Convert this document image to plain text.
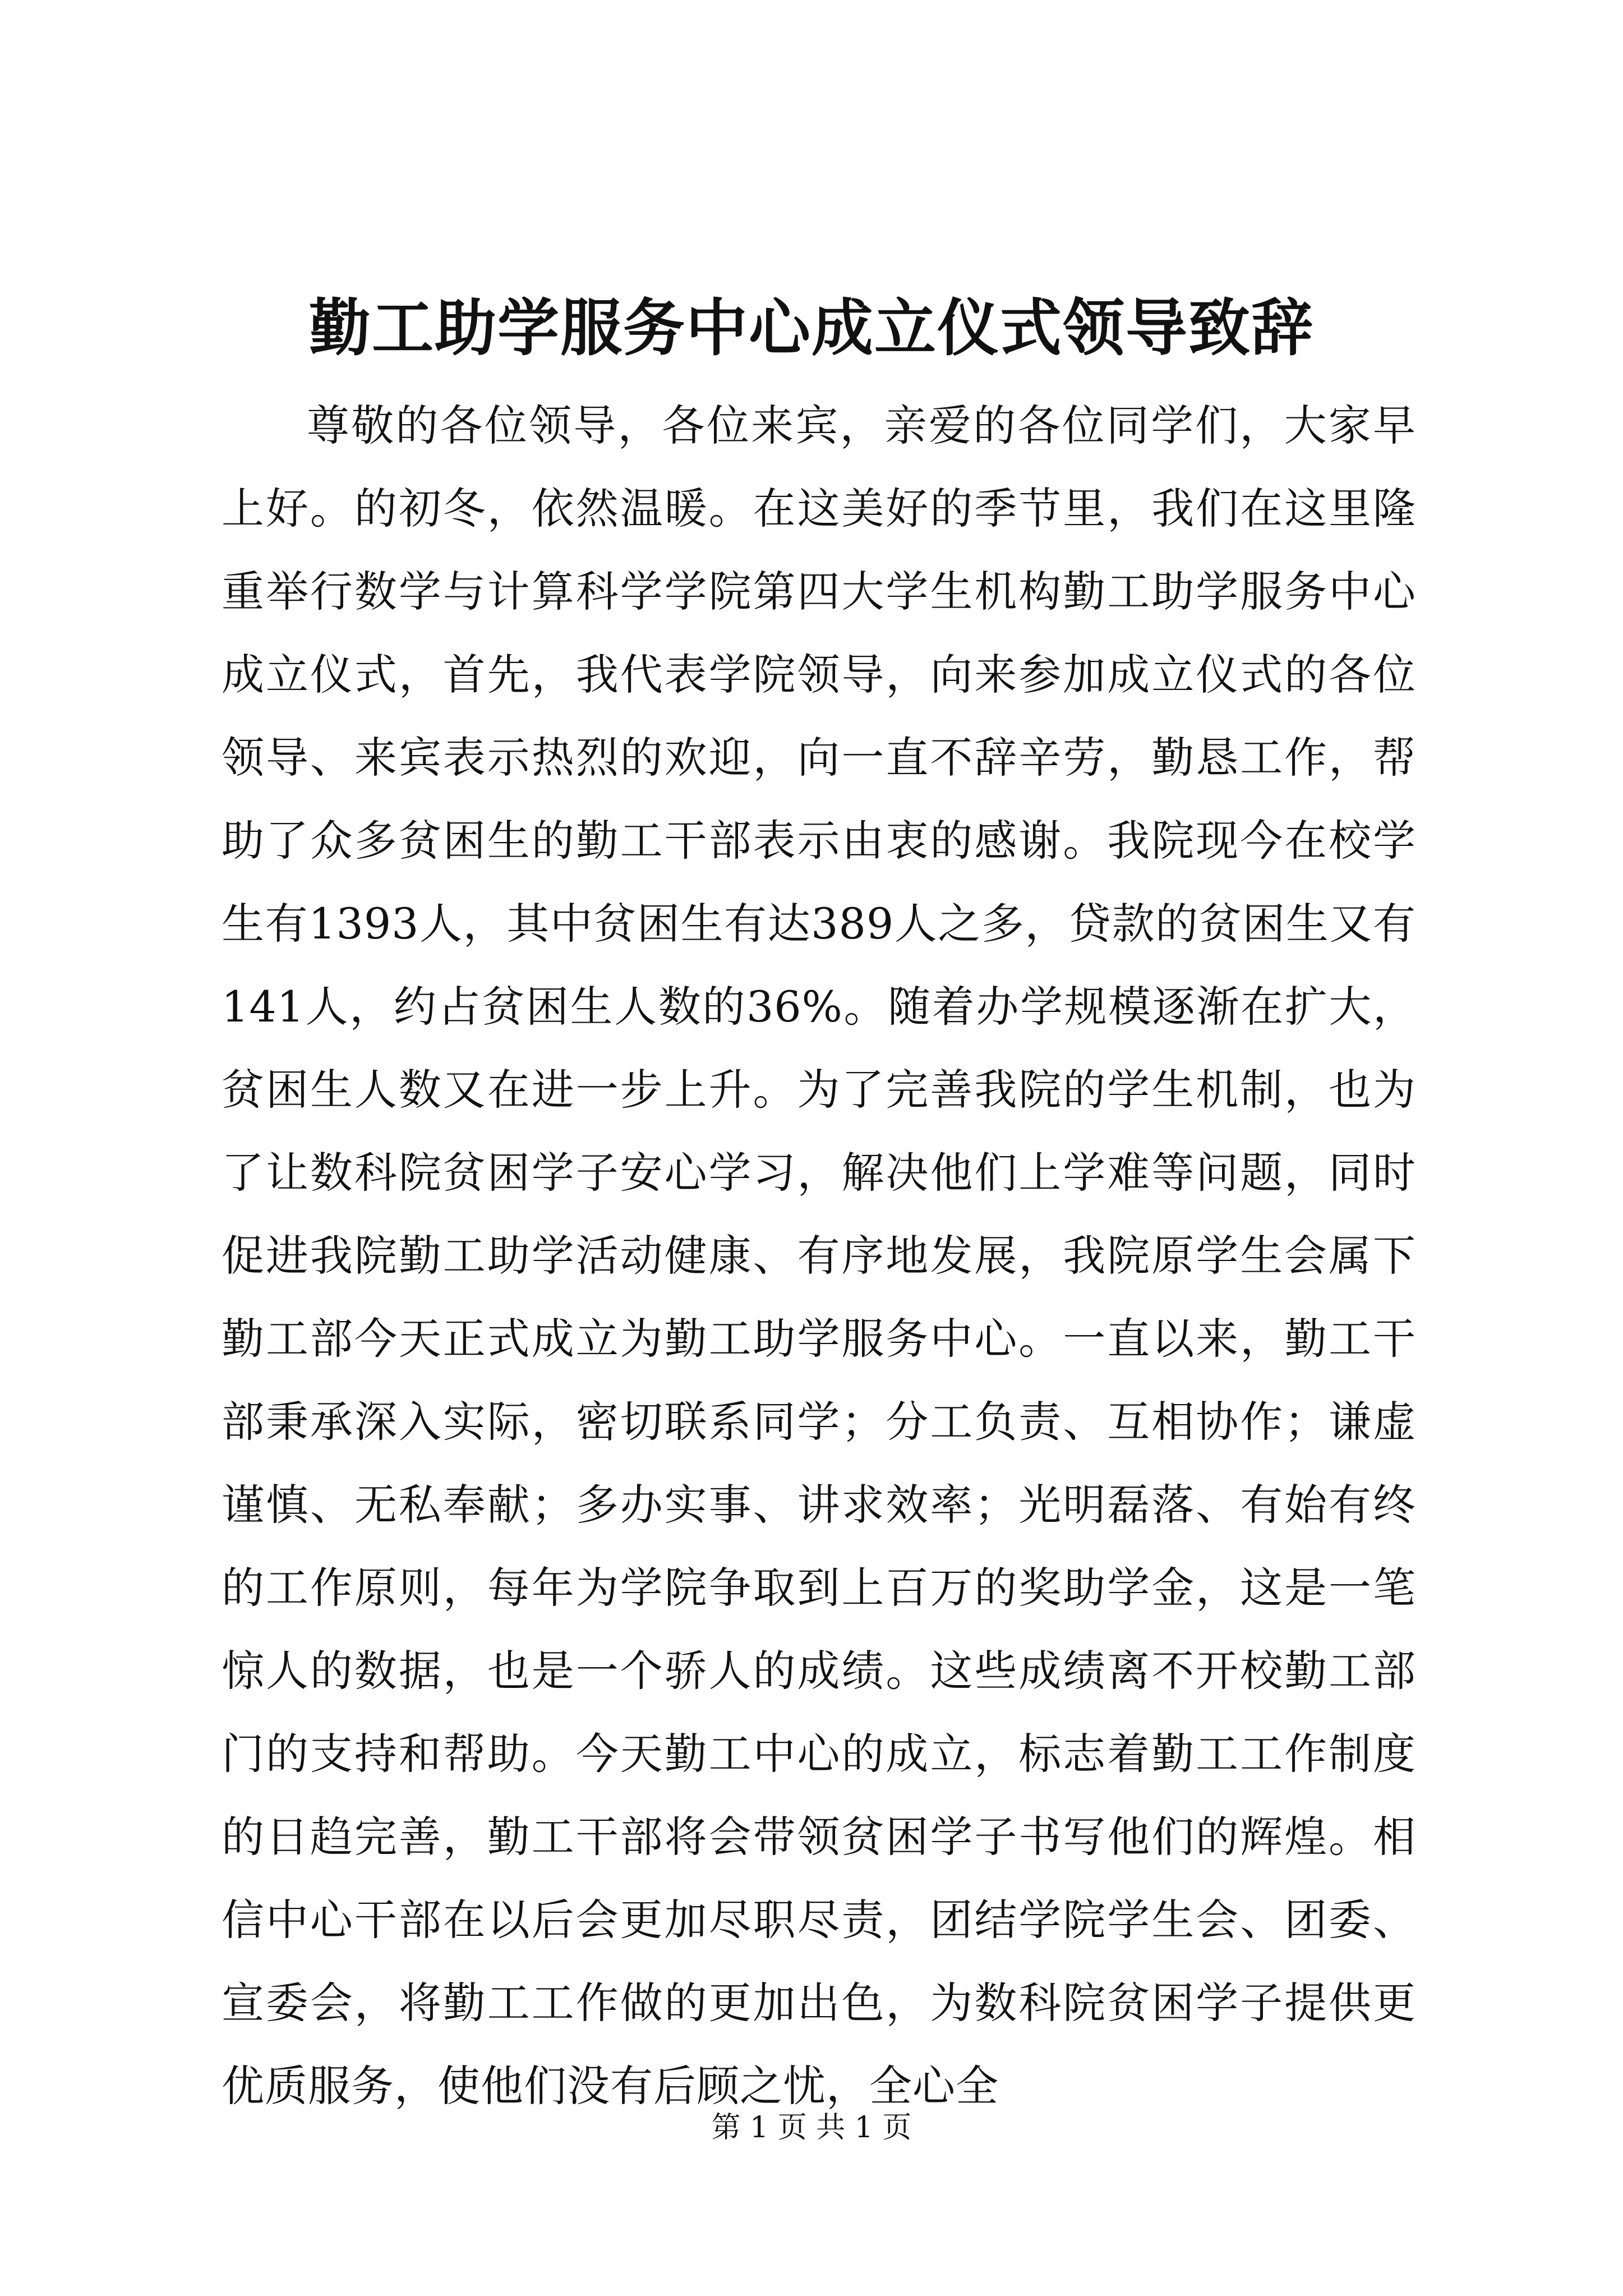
勤工助学服务中心成立仪式领导致辞

尊敬的各位领导，各位来宾，亲爱的各位同学们，大家早上好。的初冬，依然温暖。在这美好的季节里，我们在这里隆重举行数学与计算科学学院第四大学生机构勤工助学服务中心成立仪式，首先，我代表学院领导，向来参加成立仪式的各位领导、来宾表示热烈的欢迎，向一直不辞辛劳，勤恳工作，帮助了众多贫困生的勤工干部表示由衷的感谢。我院现今在校学生有1393人，其中贫困生有达389人之多，贷款的贫困生又有141人，约占贫困生人数的36%。随着办学规模逐渐在扩大，贫困生人数又在进一步上升。为了完善我院的学生机制，也为了让数科院贫困学子安心学习，解决他们上学难等问题，同时促进我院勤工助学活动健康、有序地发展，我院原学生会属下勤工部今天正式成立为勤工助学服务中心。一直以来，勤工干部秉承深入实际，密切联系同学；分工负责、互相协作；谦虚谨慎、无私奉献；多办实事、讲求效率；光明磊落、有始有终的工作原则，每年为学院争取到上百万的奖助学金，这是一笔惊人的数据，也是一个骄人的成绩。这些成绩离不开校勤工部门的支持和帮助。今天勤工中心的成立，标志着勤工工作制度的日趋完善，勤工干部将会带领贫困学子书写他们的辉煌。相信中心干部在以后会更加尽职尽责，团结学院学生会、团委、宣委会，将勤工工作做的更加出色，为数科院贫困学子提供更优质服务，使他们没有后顾之忧，全心全

第 1 页 共 1 页
